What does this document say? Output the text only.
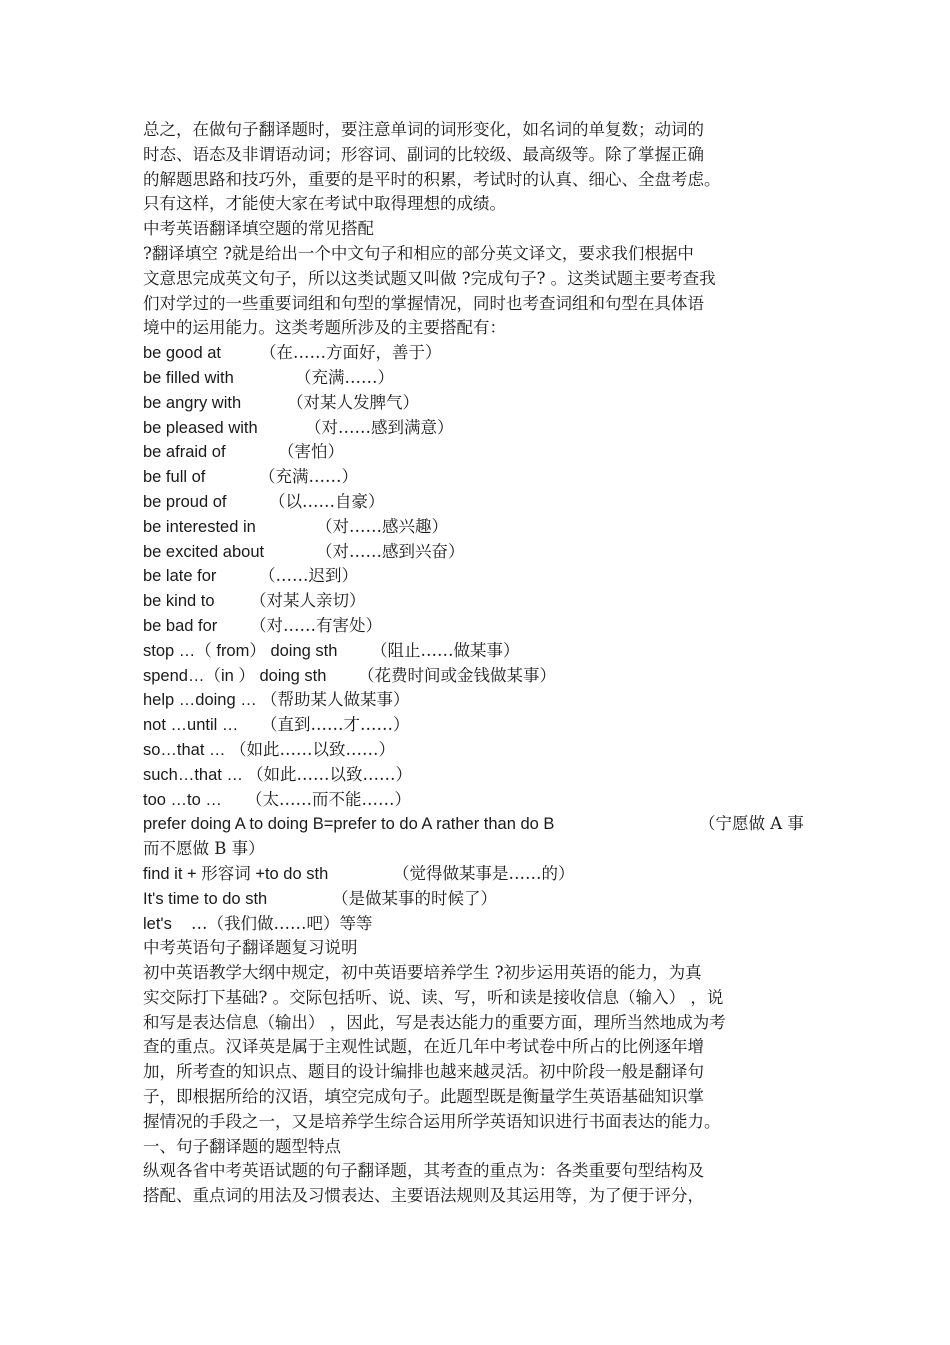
总之，在做句子翻译题时，要注意单词的词形变化，如名词的单复数；动词的
时态、语态及非谓语动词；形容词、副词的比较级、最高级等。除了掌握正确
的解题思路和技巧外，重要的是平时的积累，考试时的认真、细心、全盘考虑。
只有这样，才能使大家在考试中取得理想的成绩。
中考英语翻译填空题的常见搭配
?翻译填空 ?就是给出一个中文句子和相应的部分英文译文，要求我们根据中
文意思完成英文句子，所以这类试题又叫做 ?完成句子? 。这类试题主要考查我
们对学过的一些重要词组和句型的掌握情况，同时也考查词组和句型在具体语
境中的运用能力。这类考题所涉及的主要搭配有：
be good at （在……方面好，善于）
be filled with	（充满……）
be angry with	（对某人发脾气）
be pleased with	（对……感到满意）
be afraid of	（害怕）
be full of	（充满……）
be proud of	（以……自豪）
be interested in	（对……感兴趣）
be excited about	（对……感到兴奋）
be late for	（……迟到）
be kind to （对某人亲切）
be bad for （对……有害处）
stop …（ from） doing sth （阻止……做某事）
spend…（in ） doing sth （花费时间或金钱做某事）
help …doing … （帮助某人做某事）
not …until … （直到……才……）
so…that … （如此……以致……）
such…that … （如此……以致……）
too …to … （太……而不能……）
prefer doing A to doing B=prefer to do A rather than do B	（宁愿做 A 事
而不愿做 B 事）
find it + 形容词 +to do sth	（觉得做某事是……的）
It's time to do sth	（是做某事的时候了）
let's …（我们做……吧）等等
中考英语句子翻译题复习说明
初中英语教学大纲中规定，初中英语要培养学生 ?初步运用英语的能力，为真
实交际打下基础? 。交际包括听、说、读、写，听和读是接收信息（输入） ，说
和写是表达信息（输出） ，因此，写是表达能力的重要方面，理所当然地成为考
查的重点。汉译英是属于主观性试题，在近几年中考试卷中所占的比例逐年增
加，所考查的知识点、题目的设计编排也越来越灵活。初中阶段一般是翻译句
子，即根据所给的汉语，填空完成句子。此题型既是衡量学生英语基础知识掌
握情况的手段之一，又是培养学生综合运用所学英语知识进行书面表达的能力。
一、句子翻译题的题型特点
纵观各省中考英语试题的句子翻译题，其考查的重点为：各类重要句型结构及
搭配、重点词的用法及习惯表达、主要语法规则及其运用等，为了便于评分，
